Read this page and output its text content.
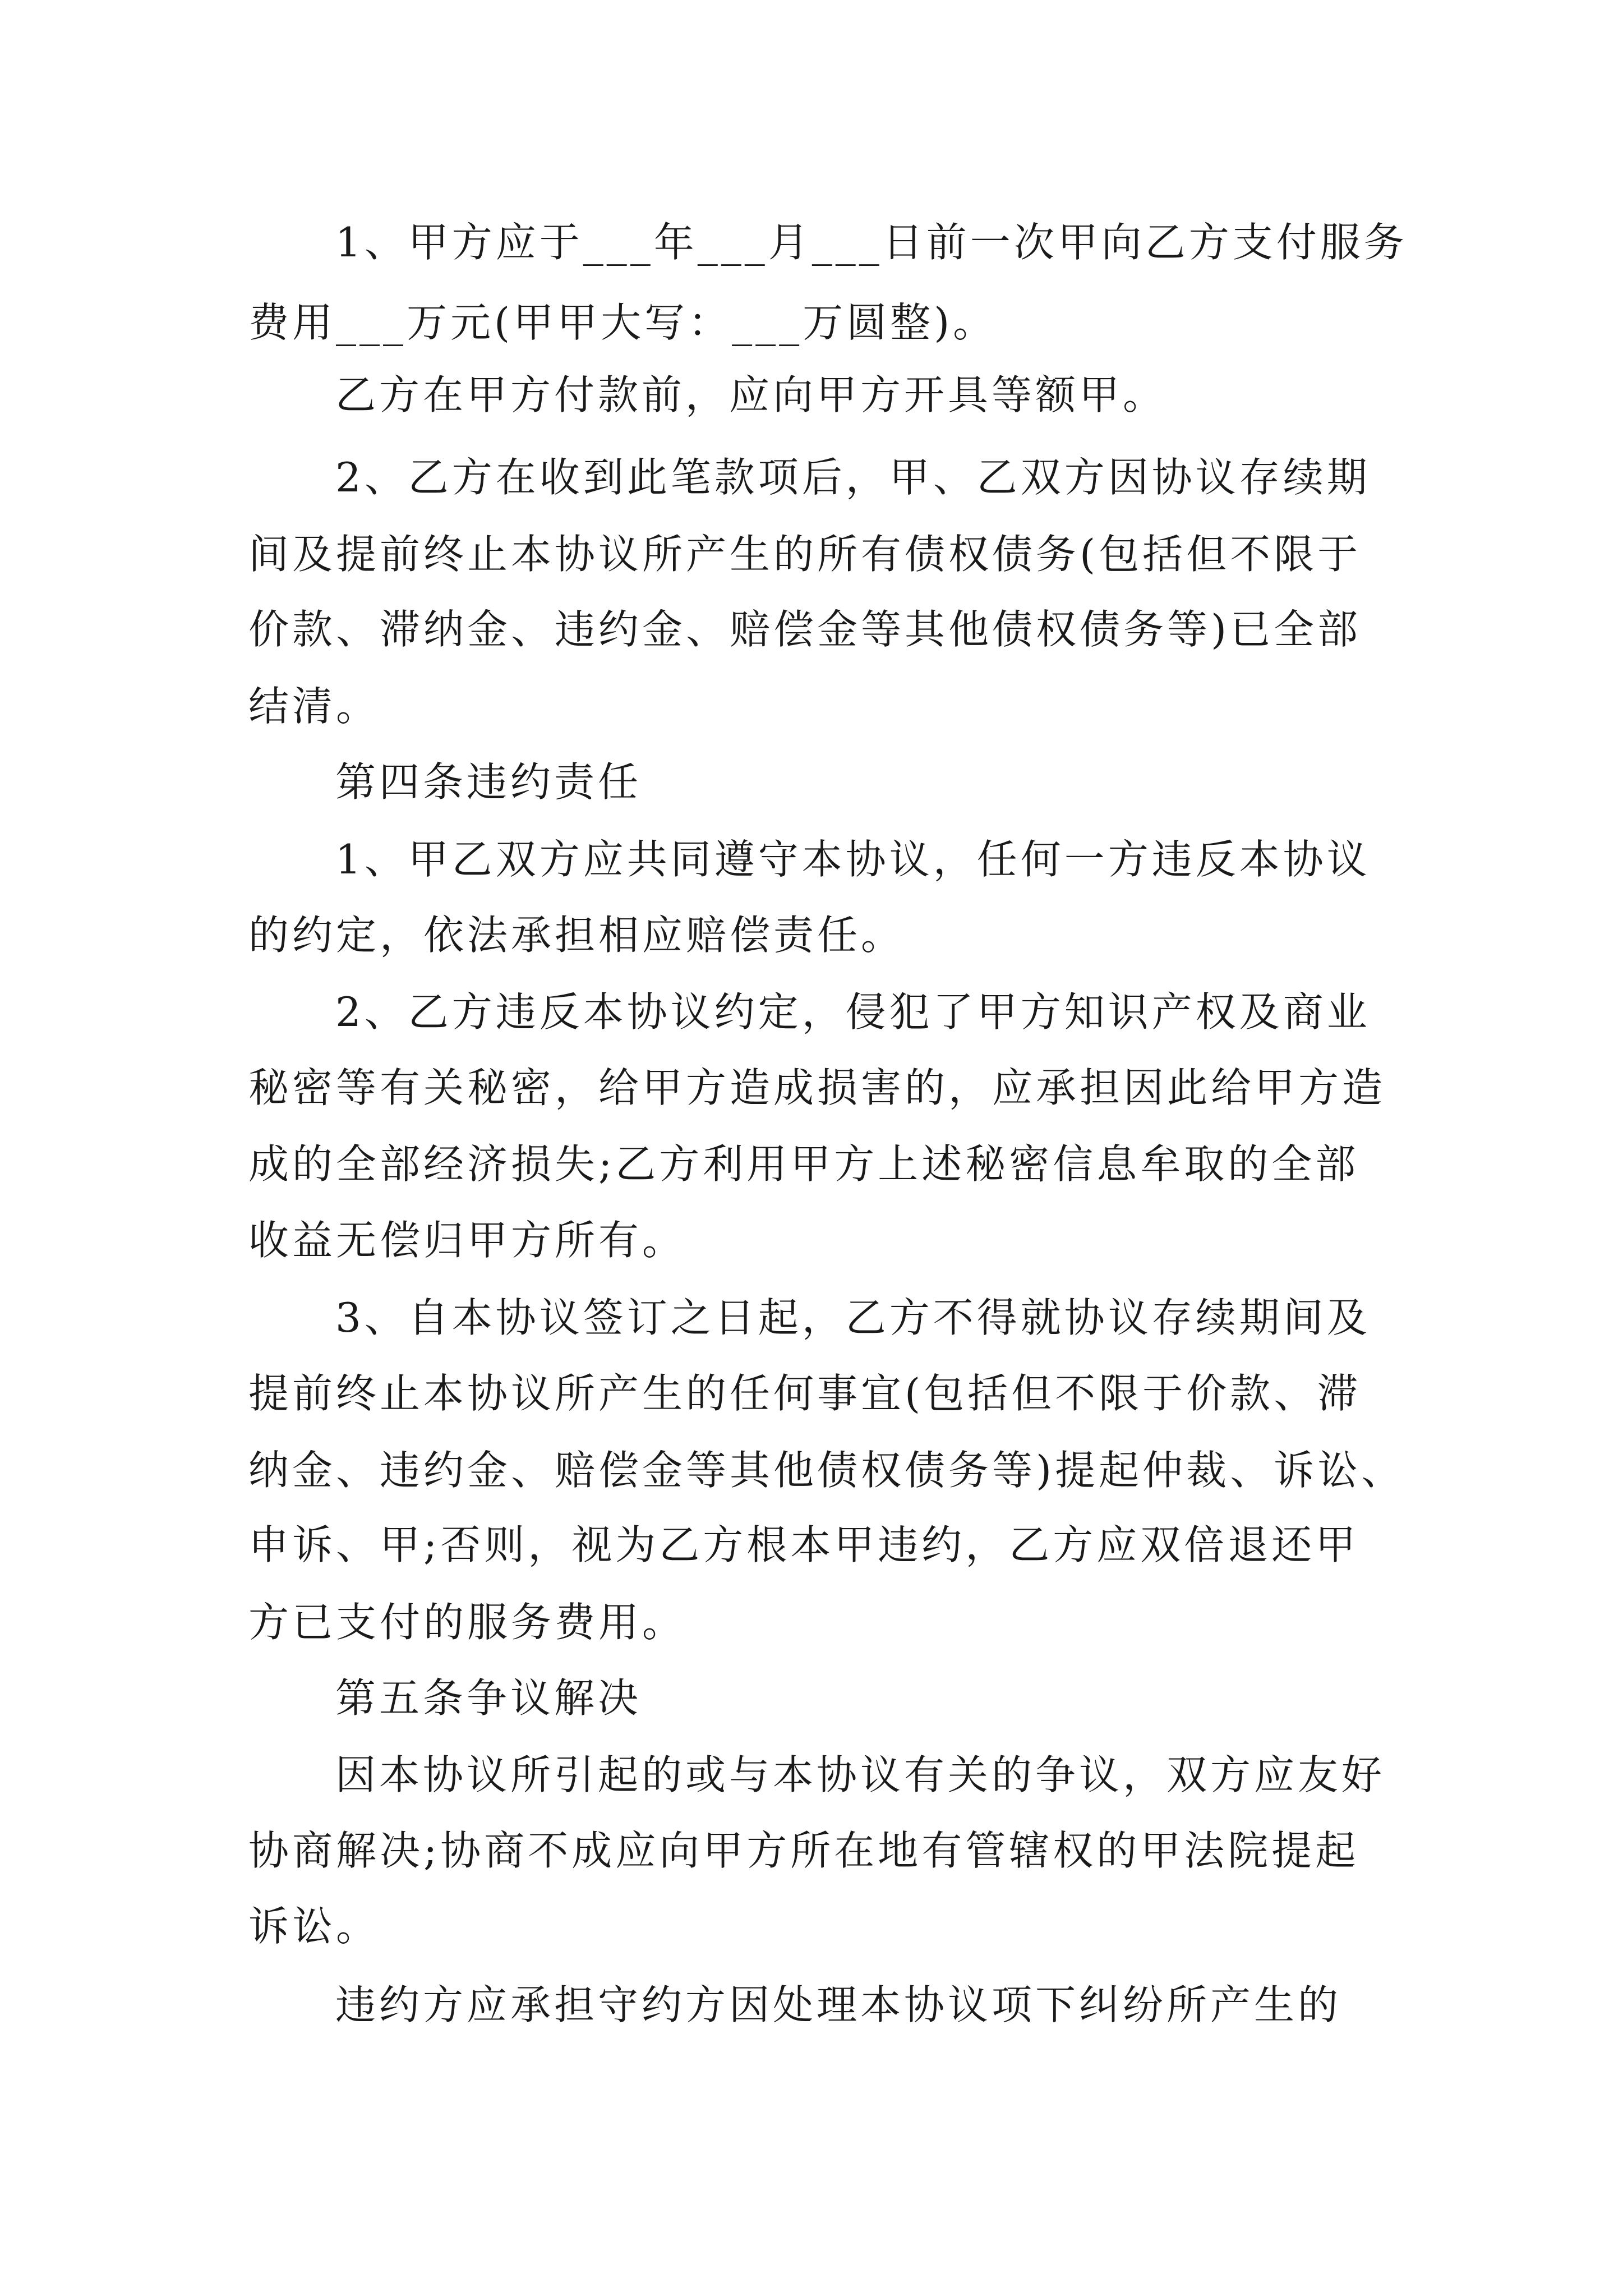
1、甲方应于___年___月___日前一次甲向乙方支付服务
费用___万元(甲甲大写：___万圆整)。
乙方在甲方付款前，应向甲方开具等额甲。
2、乙方在收到此笔款项后，甲、乙双方因协议存续期
间及提前终止本协议所产生的所有债权债务(包括但不限于
价款、滞纳金、违约金、赔偿金等其他债权债务等)已全部
结清。
第四条违约责任
1、甲乙双方应共同遵守本协议，任何一方违反本协议
的约定，依法承担相应赔偿责任。
2、乙方违反本协议约定，侵犯了甲方知识产权及商业
秘密等有关秘密，给甲方造成损害的，应承担因此给甲方造
成的全部经济损失;乙方利用甲方上述秘密信息牟取的全部
收益无偿归甲方所有。
3、自本协议签订之日起，乙方不得就协议存续期间及
提前终止本协议所产生的任何事宜(包括但不限于价款、滞
纳金、违约金、赔偿金等其他债权债务等)提起仲裁、诉讼、
申诉、甲;否则，视为乙方根本甲违约，乙方应双倍退还甲
方已支付的服务费用。
第五条争议解决
因本协议所引起的或与本协议有关的争议，双方应友好
协商解决;协商不成应向甲方所在地有管辖权的甲法院提起
诉讼。
违约方应承担守约方因处理本协议项下纠纷所产生的
